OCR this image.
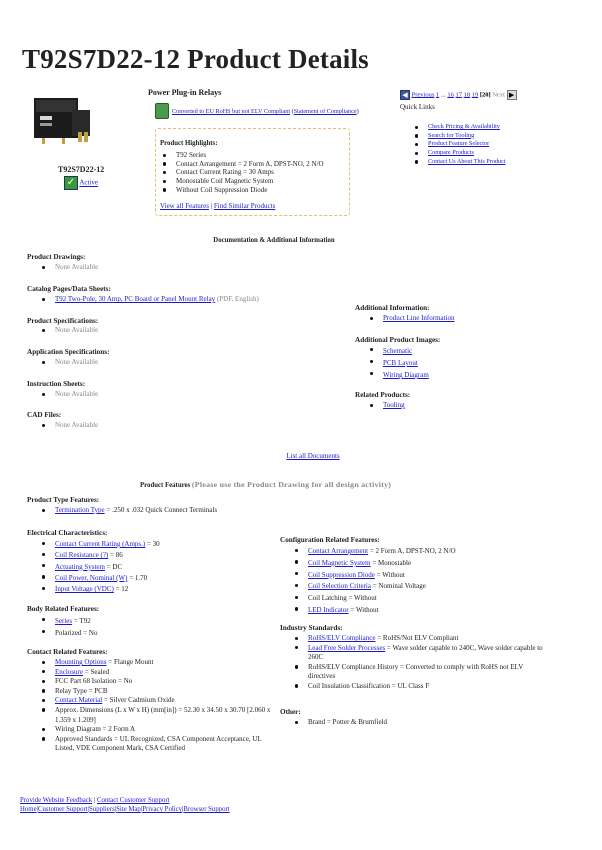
T92S7D22-12 Product Details
T92S7D22-12
✓ Active
Power Plug-in Relays
Converted to EU RoHS but not ELV Compliant (Statement of Compliance)
Product Highlights:
T92 Series
Contact Arrangement = 2 Form A, DPST-NO, 2 N/O
Contact Current Rating = 30 Amps
Monostable Coil Magnetic System
Without Coil Suppression Diode
View all Features | Find Similar Products
◀ Previous 1 ... 16 17 18 19 [20] Next ▶
Quick Links
Check Pricing & Availability
Search for Tooling
Product Feature Selector
Compare Products
Contact Us About This Product
Documentation & Additional Information
Product Drawings:
None Available
Catalog Pages/Data Sheets:
T92 Two-Pole, 30 Amp, PC Board or Panel Mount Relay (PDF, English)
Product Specifications:
None Available
Application Specifications:
None Available
Instruction Sheets:
None Available
CAD Files:
None Available
Additional Information:
Product Line Information
Additional Product Images:
Schematic
PCB Layout
Wiring Diagram
Related Products:
Tooling
List all Documents
Product Features (Please use the Product Drawing for all design activity)
Product Type Features:
Termination Type = .250 x .032 Quick Connect Terminals
Electrical Characteristics:
Contact Current Rating (Amps.) = 30
Coil Resistance (?) = 86
Actuating System = DC
Coil Power, Nominal (W) = 1.70
Input Voltage (VDC) = 12
Body Related Features:
Series = T92
Polarized = No
Contact Related Features:
Mounting Options = Flange Mount
Enclosure = Sealed
FCC Part 68 Isolation = No
Relay Type = PCB
Contact Material = Silver Cadmium Oxide
Approx. Dimensions (L x W x H) (mm[in]) = 52.30 x 34.50 x 30.70 [2.060 x 1.359 x 1.209]
Wiring Diagram = 2 Form A
Approved Standards = UL Recognized, CSA Component Acceptance, UL Listed, VDE Component Mark, CSA Certified
Configuration Related Features:
Contact Arrangement = 2 Form A, DPST-NO, 2 N/O
Coil Magnetic System = Monostable
Coil Suppression Diode = Without
Coil Selection Criteria = Nominal Voltage
Coil Latching = Without
LED Indicator = Without
Industry Standards:
RoHS/ELV Compliance = RoHS/Not ELV Compliant
Lead Free Solder Processes = Wave solder capable to 240C, Wave solder capable to 260C
RoHS/ELV Compliance History = Converted to comply with RoHS not ELV directives
Coil Insulation Classification = UL Class F
Other:
Brand = Potter & Brumfield
Provide Website Feedback | Contact Customer Support
Home|Customer Support|Suppliers|Site Map|Privacy Policy|Browser Support
